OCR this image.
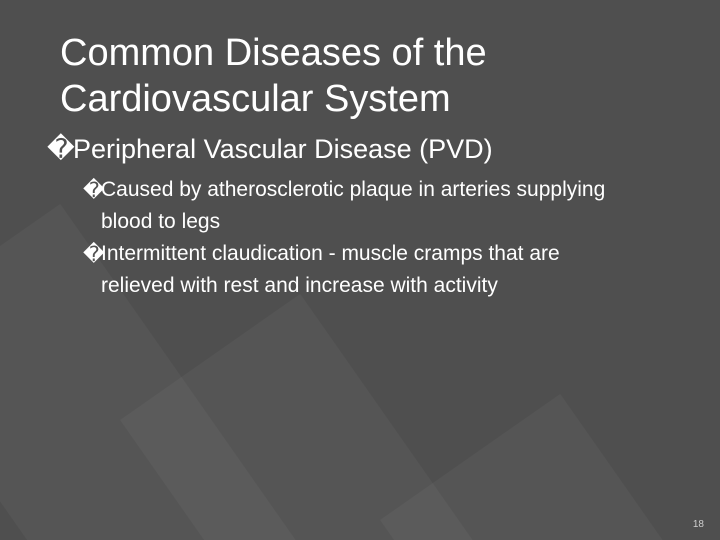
Common Diseases of the
Cardiovascular System
�Peripheral Vascular Disease (PVD)
�
Caused by atherosclerotic plaque in arteries supplying blood to legs
�
Intermittent claudication - muscle cramps that are relieved with rest and increase with activity
18
